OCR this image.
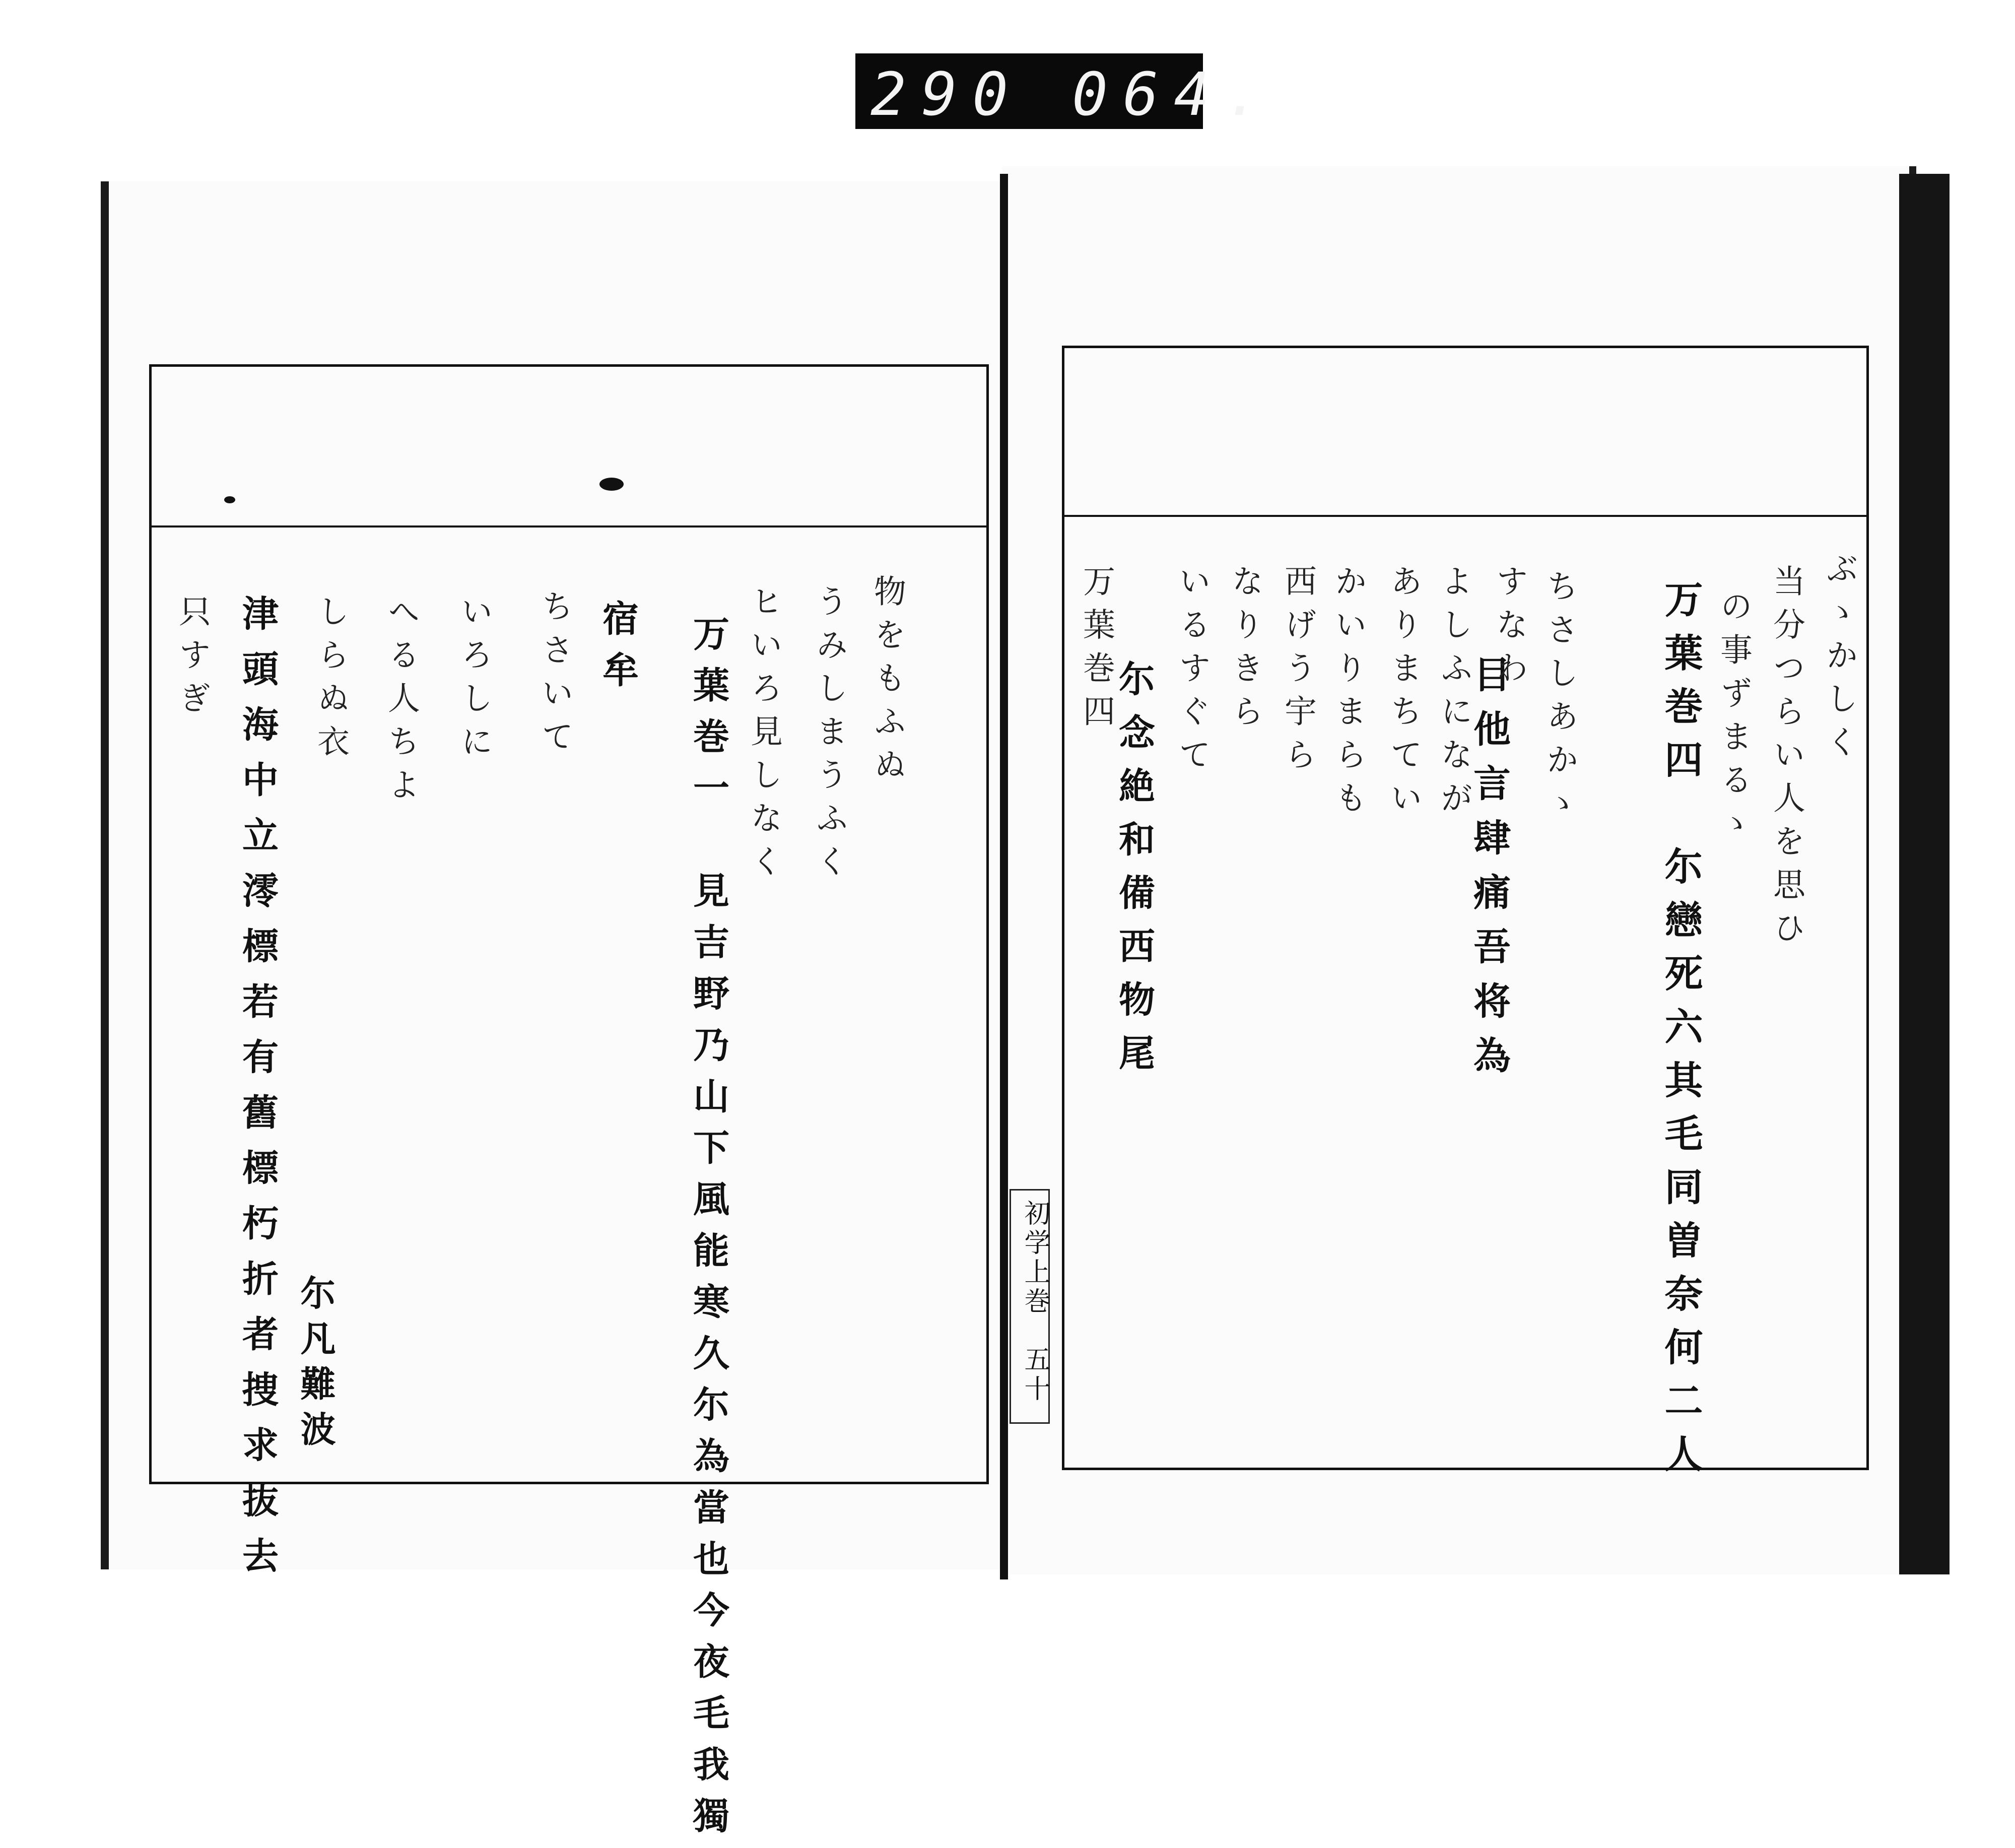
290 064.
ぶゝかしく
当分つらい人を思ひ
の事ずまるゝ
万葉巻四　尓戀死六其毛同曽奈何二人
目他言肆痛吾将為 ちさしあかゝ
すなわ
よしふになが
ありまちてい
かいりまらも
西げう宇ら
なりきら
いるすぐて
尓念絶和備西物尾
万葉巻四
物をもふぬ
うみしまうふく
ヒいろ見しなく
万葉巻一　見吉野乃山下風能寒久尓為當也今夜毛我獨
宿牟
ちさいて
いろしに
へる人ちよ
しらぬ衣
尓凡難波
津頭海中立澪標若有舊標朽折者捜求抜去
只すぎ
初学上巻　五十
